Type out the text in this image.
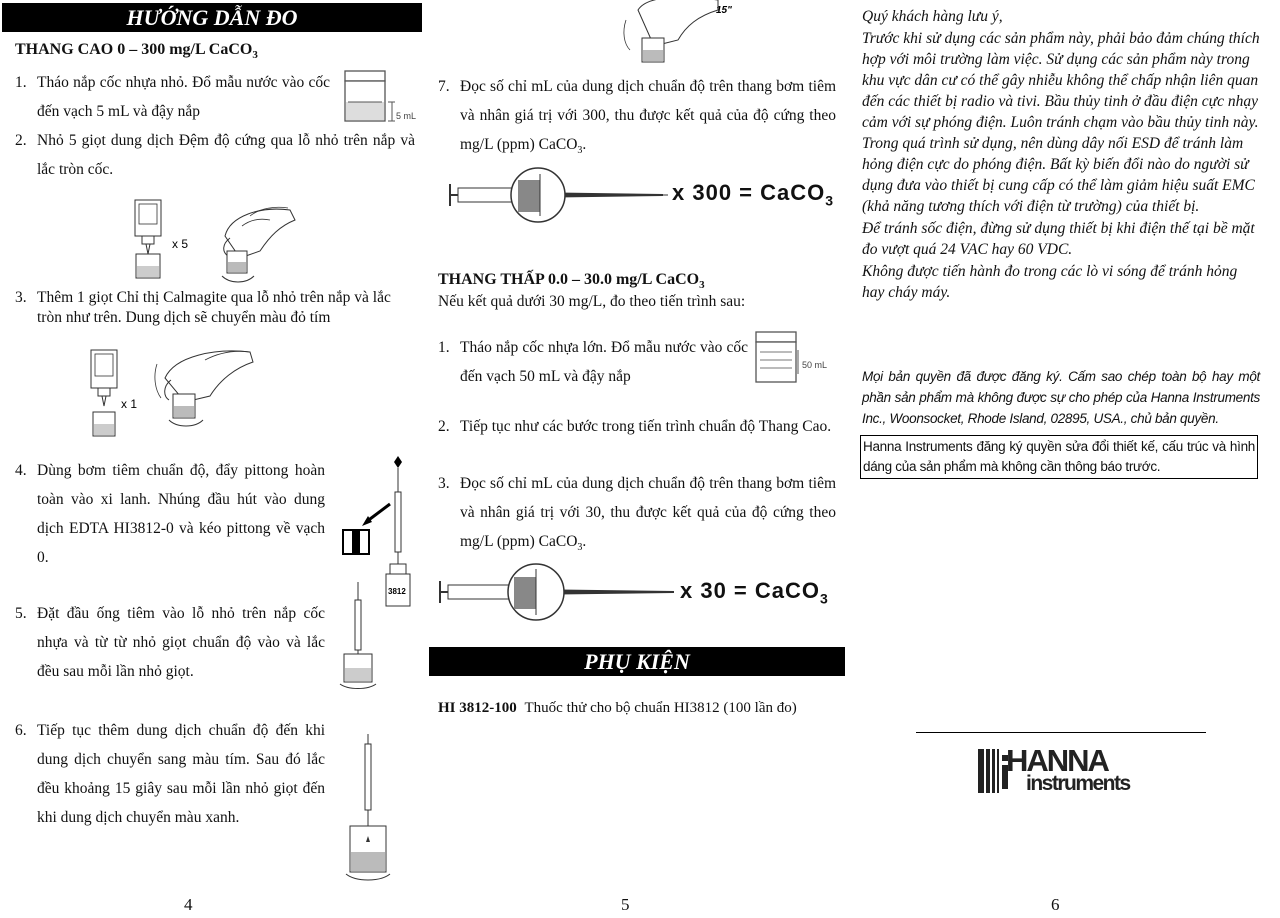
HƯỚNG DẪN ĐO
THANG CAO 0 – 300 mg/L CaCO$_3$
1. Tháo nắp cốc nhựa nhỏ. Đổ mẫu nước vào cốc đến vạch 5 mL và đậy nắp	5 mL
2. Nhỏ 5 giọt dung dịch Đệm độ cứng qua lỗ nhỏ trên nắp và lắc tròn cốc.
x 5
3. Thêm 1 giọt Chỉ thị Calmagite qua lỗ nhỏ trên nắp và lắc tròn như trên. Dung dịch sẽ chuyển màu đỏ tím
x 1
4. Dùng bơm tiêm chuẩn độ, đẩy pittong hoàn toàn vào xi lanh. Nhúng đầu hút vào dung dịch EDTA HI3812-0 và kéo pittong về vạch 0.
3812
5. Đặt đầu ống tiêm vào lỗ nhỏ trên nắp cốc nhựa và từ từ nhỏ giọt chuẩn độ vào và lắc đều sau mỗi lần nhỏ giọt.
6. Tiếp tục thêm dung dịch chuẩn độ đến khi dung dịch chuyển sang màu tím. Sau đó lắc đều khoảng 15 giây sau mỗi lần nhỏ giọt đến khi dung dịch chuyển màu xanh.
4
15"
7. Đọc số chỉ mL của dung dịch chuẩn độ trên thang bơm tiêm và nhân giá trị với 300, thu được kết quả của độ cứng theo mg/L (ppm) CaCO$_3$.
x 300 = CaCO$_3$
THANG THẤP 0.0 – 30.0 mg/L CaCO$_3$
Nếu kết quả dưới 30 mg/L, đo theo tiến trình sau:
1. Tháo nắp cốc nhựa lớn. Đổ mẫu nước vào cốc đến vạch 50 mL và đậy nắp
50 mL
2. Tiếp tục như các bước trong tiến trình chuẩn độ Thang Cao.
3. Đọc số chỉ mL của dung dịch chuẩn độ trên thang bơm tiêm và nhân giá trị với 30, thu được kết quả của độ cứng theo mg/L (ppm) CaCO$_3$.
x 30 = CaCO$_3$
PHỤ KIỆN
HI 3812-100 Thuốc thử cho bộ chuẩn HI3812 (100 lần đo)
5
Quý khách hàng lưu ý,
Trước khi sử dụng các sản phẩm này, phải bảo đảm chúng thích hợp với môi trường làm việc. Sử dụng các sản phẩm này trong khu vực dân cư có thể gây nhiễu không thể chấp nhận liên quan đến các thiết bị radio và tivi. Bầu thủy tinh ở đầu điện cực nhạy cảm với sự phóng điện. Luôn tránh chạm vào bầu thủy tinh này. Trong quá trình sử dụng, nên dùng dây nối ESD để tránh làm hỏng điện cực do phóng điện. Bất kỳ biến đổi nào do người sử dụng đưa vào thiết bị cung cấp có thể làm giảm hiệu suất EMC (khả năng tương thích với điện từ trường) của thiết bị.
Để tránh sốc điện, đừng sử dụng thiết bị khi điện thế tại bề mặt đo vượt quá 24 VAC hay 60 VDC.
Không được tiến hành đo trong các lò vi sóng để tránh hỏng hay cháy máy.
Mọi bản quyền đã được đăng ký. Cấm sao chép toàn bộ hay một phần sản phẩm mà không được sự cho phép của Hanna Instruments Inc., Woonsocket, Rhode Island, 02895, USA., chủ bản quyền.
Hanna Instruments đăng ký quyền sửa đổi thiết kế, cấu trúc và hình dáng của sản phẩm mà không cần thông báo trước.
HANNA
instruments
6
